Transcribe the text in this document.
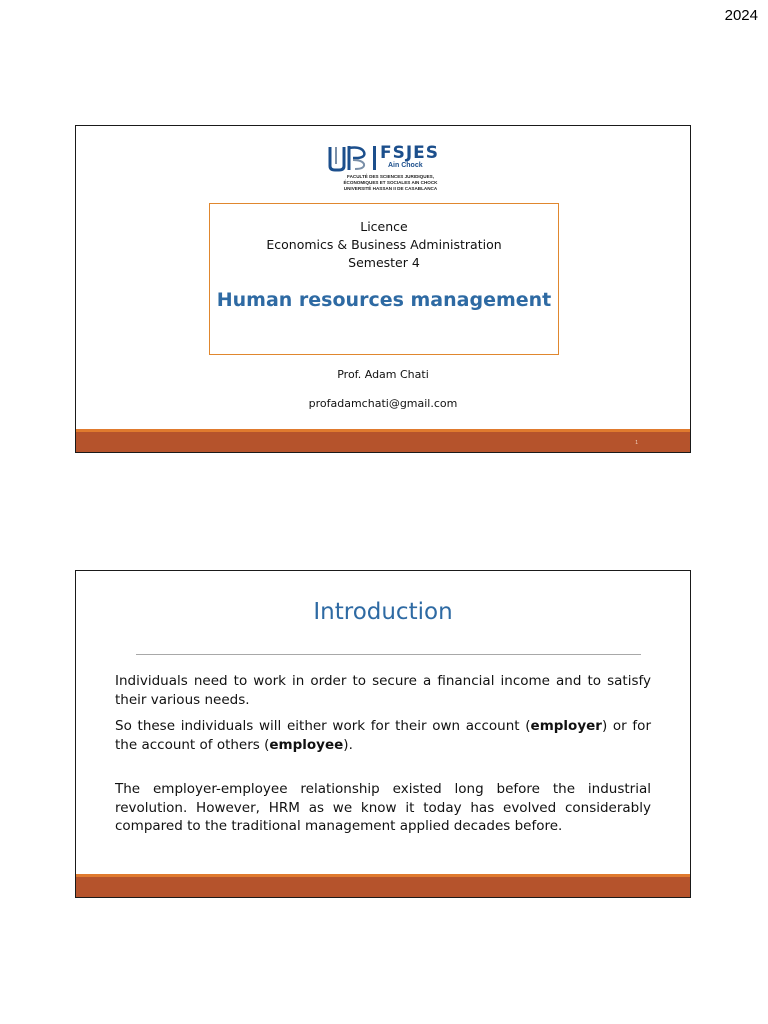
2024
FSJES
Ain Chock
FACULTÉ DES SCIENCES JURIDIQUES,
ÉCONOMIQUES ET SOCIALES AIN CHOCK
UNIVERSITÉ HASSAN II DE CASABLANCA
Licence
Economics & Business Administration
Semester 4
Human resources management
Prof. Adam Chati
profadamchati@gmail.com
1
Introduction

Individuals need to work in order to secure a financial income and to satisfy their various needs.

So these individuals will either work for their own account (employer) or for the account of others (employee).

The employer-employee relationship existed long before the industrial revolution. However, HRM as we know it today has evolved considerably compared to the traditional management applied decades before.
